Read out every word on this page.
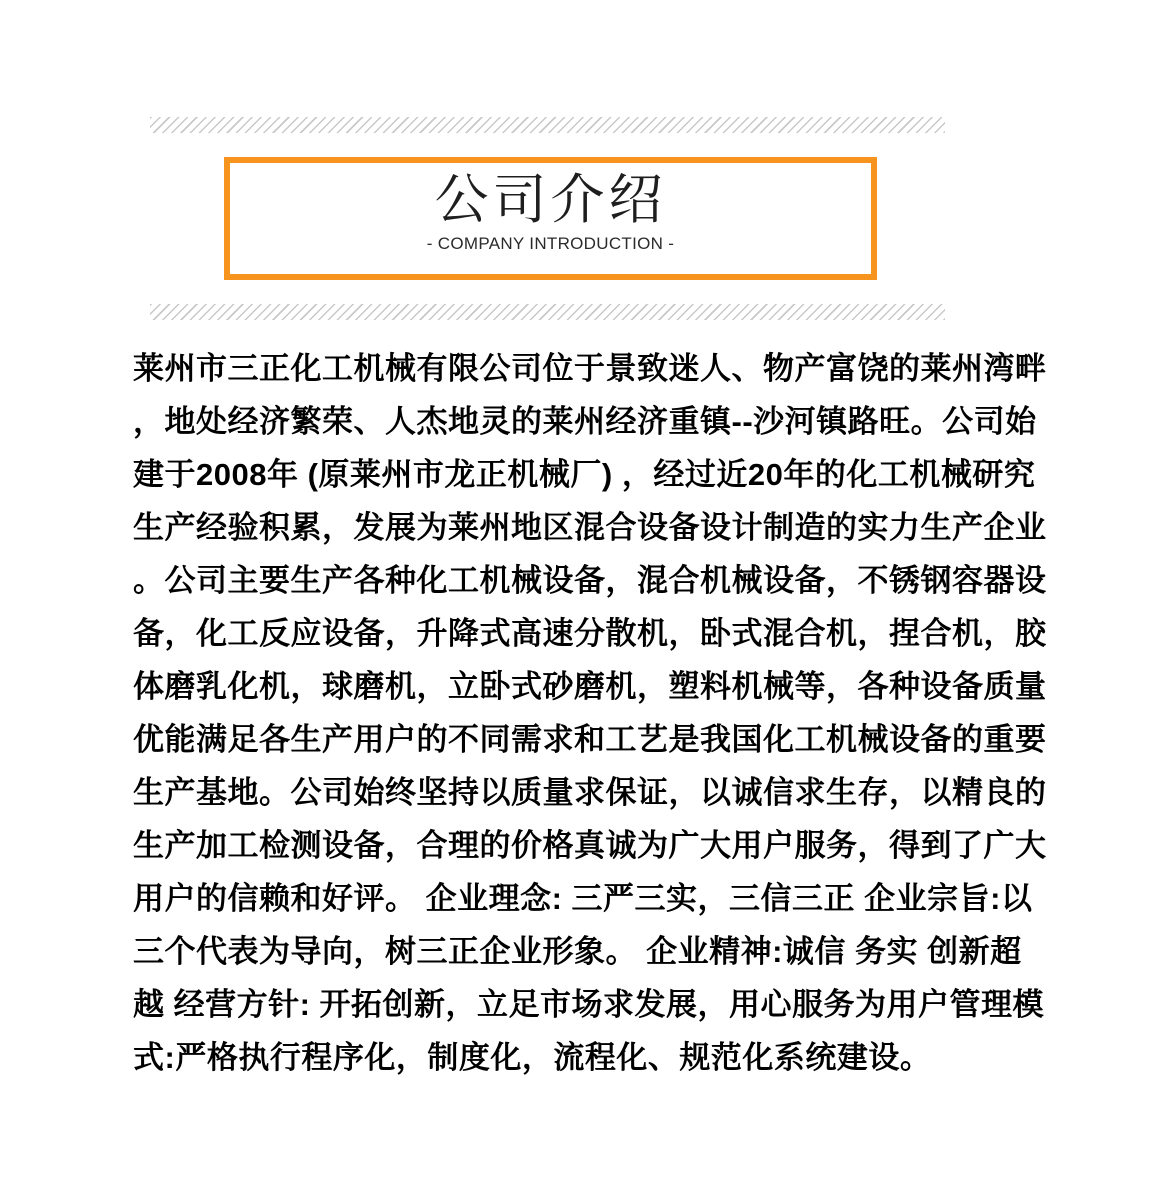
公司介绍
- COMPANY INTRODUCTION -
莱州市三正化工机械有限公司位于景致迷人、物产富饶的莱州湾畔
，地处经济繁荣、人杰地灵的莱州经济重镇--沙河镇路旺。公司始
建于2008年 (原莱州市龙正机械厂) ，经过近20年的化工机械研究
生产经验积累，发展为莱州地区混合设备设计制造的实力生产企业
。公司主要生产各种化工机械设备，混合机械设备，不锈钢容器设
备，化工反应设备，升降式高速分散机，卧式混合机，捏合机，胶
体磨乳化机，球磨机，立卧式砂磨机，塑料机械等，各种设备质量
优能满足各生产用户的不同需求和工艺是我国化工机械设备的重要
生产基地。公司始终坚持以质量求保证，以诚信求生存，以精良的
生产加工检测设备，合理的价格真诚为广大用户服务，得到了广大
用户的信赖和好评。 企业理念: 三严三实，三信三正 企业宗旨:以
三个代表为导向，树三正企业形象。 企业精神:诚信 务实 创新超
越 经营方针: 开拓创新，立足市场求发展，用心服务为用户管理模
式:严格执行程序化，制度化，流程化、规范化系统建设。
